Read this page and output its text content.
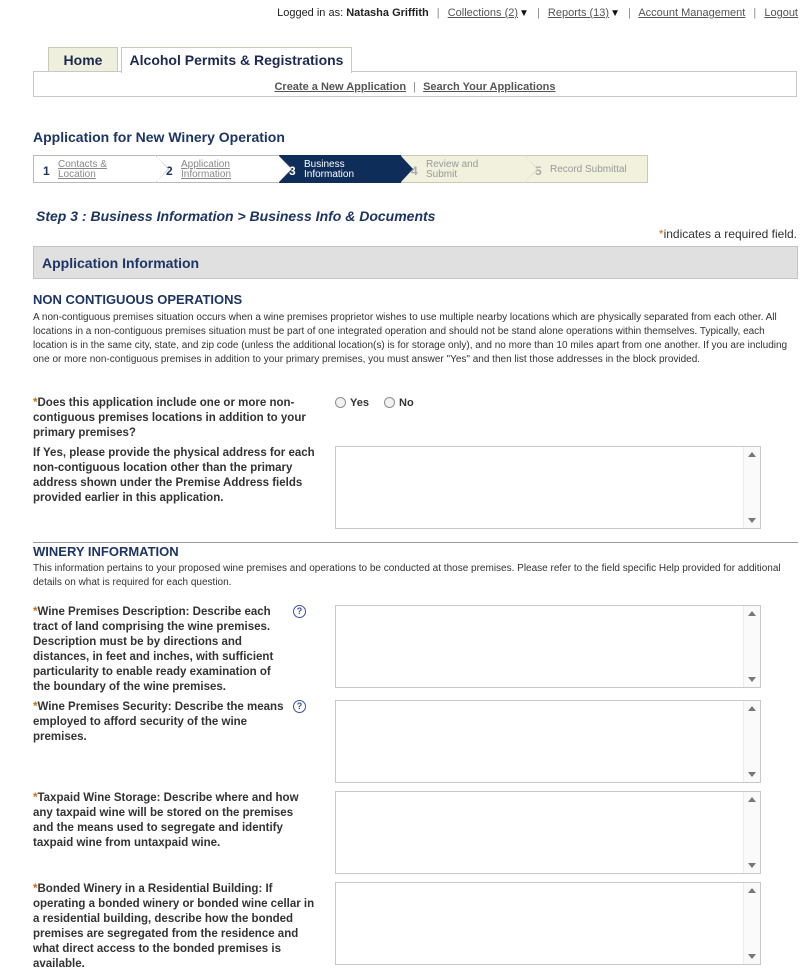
Logged in as: Natasha Griffith | Collections (2)▼ | Reports (13)▼ | Account Management | Logout
Home	Alcohol Permits & Registrations
Create a New Application | Search Your Applications
Application for New Winery Operation
1 Contacts &
Location	2 Application
Information	3 Business
Information	4 Review and
Submit	5 Record Submittal
Step 3 : Business Information > Business Info & Documents
*indicates a required field.
Application Information
NON CONTIGUOUS OPERATIONS
A non-contiguous premises situation occurs when a wine premises proprietor wishes to use multiple nearby locations which are physically separated from each other. All locations in a non-contiguous premises situation must be part of one integrated operation and should not be stand alone operations within themselves. Typically, each location is in the same city, state, and zip code (unless the additional location(s) is for storage only), and no more than 10 miles apart from one another. If you are including one or more non-contiguous premises in addition to your primary premises, you must answer "Yes" and then list those addresses in the block provided.
*Does this application include one or more non-contiguous premises locations in addition to your primary premises?
Yes	No
If Yes, please provide the physical address for each non-contiguous location other than the primary address shown under the Premise Address fields provided earlier in this application.
WINERY INFORMATION
This information pertains to your proposed wine premises and operations to be conducted at those premises. Please refer to the field specific Help provided for additional details on what is required for each question.
*Wine Premises Description: Describe each tract of land comprising the wine premises. Description must be by directions and distances, in feet and inches, with sufficient particularity to enable ready examination of the boundary of the wine premises.
?
*Wine Premises Security: Describe the means employed to afford security of the wine premises.
?
*Taxpaid Wine Storage: Describe where and how any taxpaid wine will be stored on the premises and the means used to segregate and identify taxpaid wine from untaxpaid wine.
*Bonded Winery in a Residential Building: If operating a bonded winery or bonded wine cellar in a residential building, describe how the bonded premises are segregated from the residence and what direct access to the bonded premises is available.
